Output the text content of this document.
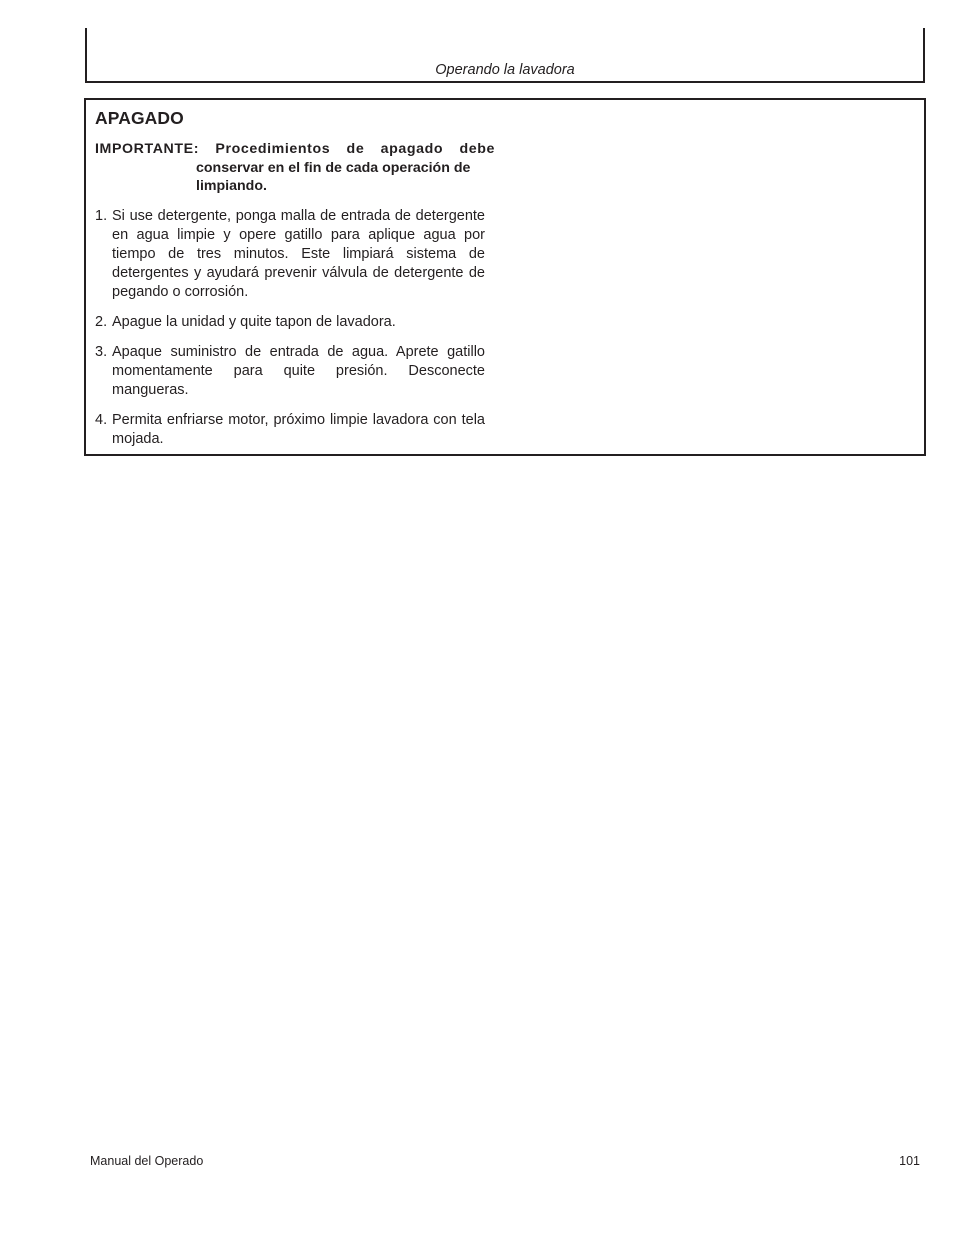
Operando la lavadora
APAGADO
IMPORTANTE: Procedimientos de apagado debe
conservar en el fin de cada operación de
limpiando.
1. Si use detergente, ponga malla de entrada de detergente en agua limpie y opere gatillo para aplique agua por tiempo de tres minutos. Este limpiará sistema de detergentes y ayudará prevenir válvula de detergente de pegando o corrosión.
2. Apague la unidad y quite tapon de lavadora.
3. Apaque suministro de entrada de agua. Aprete gatillo momentamente para quite presión. Desconecte mangueras.
4. Permita enfriarse motor, próximo limpie lavadora con tela mojada.
Manual del Operado	101
